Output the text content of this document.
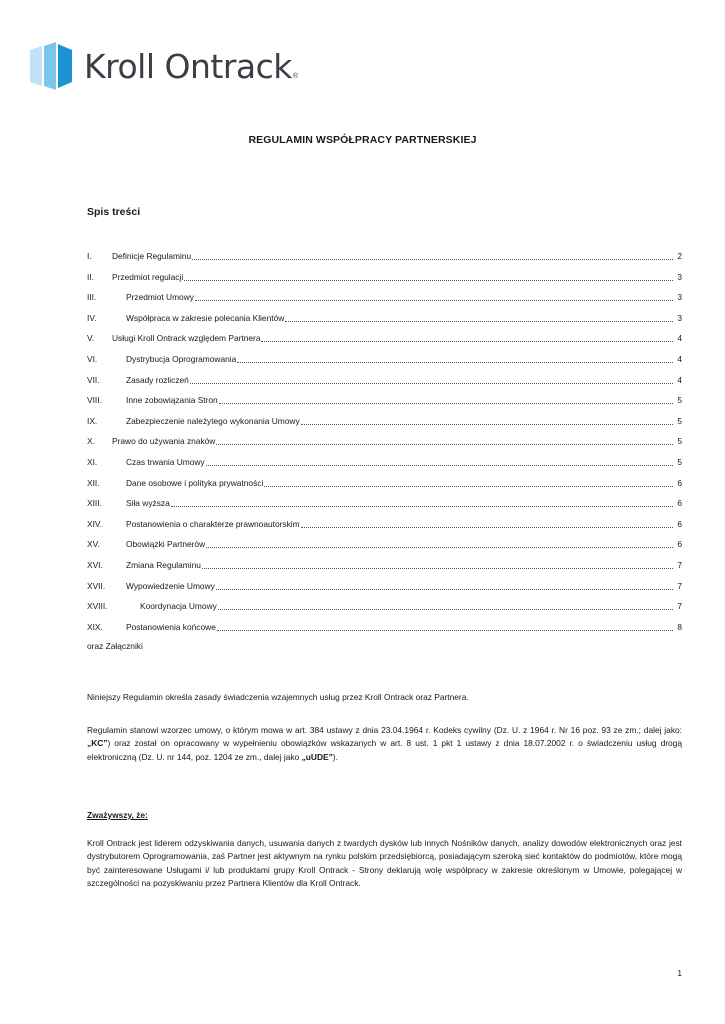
Kroll Ontrack ®
REGULAMIN WSPÓŁPRACY PARTNERSKIEJ
Spis treści
I.	Definicje Regulaminu	2
II.	Przedmiot regulacji	3
III.	Przedmiot Umowy	3
IV.	Współpraca w zakresie polecania Klientów	3
V.	Usługi Kroll Ontrack względem Partnera	4
VI.	Dystrybucja Oprogramowania	4
VII.	Zasady rozliczeń	4
VIII.	Inne zobowiązania Stron	5
IX.	Zabezpieczenie należytego wykonania Umowy	5
X.	Prawo do używania znaków	5
XI.	Czas trwania Umowy	5
XII.	Dane osobowe i polityka prywatności	6
XIII.	Siła wyższa	6
XIV.	Postanowienia o charakterze prawnoautorskim	6
XV.	Obowiązki Partnerów	6
XVI.	Zmiana Regulaminu	7
XVII.	Wypowiedzenie Umowy	7
XVIII.	Koordynacja Umowy	7
XIX.	Postanowienia końcowe	8
oraz Załączniki
Niniejszy Regulamin określa zasady świadczenia wzajemnych usług przez Kroll Ontrack oraz Partnera.
Regulamin stanowi wzorzec umowy, o którym mowa w art. 384 ustawy z dnia 23.04.1964 r. Kodeks cywilny (Dz. U. z 1964 r. Nr 16 poz. 93 ze zm.; dalej jako: „KC”) oraz został on opracowany w wypełnieniu obowiązków wskazanych w art. 8 ust. 1 pkt 1 ustawy z dnia 18.07.2002 r. o świadczeniu usług drogą elektroniczną (Dz. U. nr 144, poz. 1204 ze zm., dalej jako „uUDE”).
Zważywszy, że:
Kroll Ontrack jest liderem odzyskiwania danych, usuwania danych z twardych dysków lub innych Nośników danych, analizy dowodów elektronicznych oraz jest dystrybutorem Oprogramowania, zaś Partner jest aktywnym na rynku polskim przedsiębiorcą, posiadającym szeroką sieć kontaktów do podmiotów, które mogą być zainteresowane Usługami i/ lub produktami grupy Kroll Ontrack - Strony deklarują wolę współpracy w zakresie określonym w Umowie, polegającej w szczególności na pozyskiwaniu przez Partnera Klientów dla Kroll Ontrack.
1
